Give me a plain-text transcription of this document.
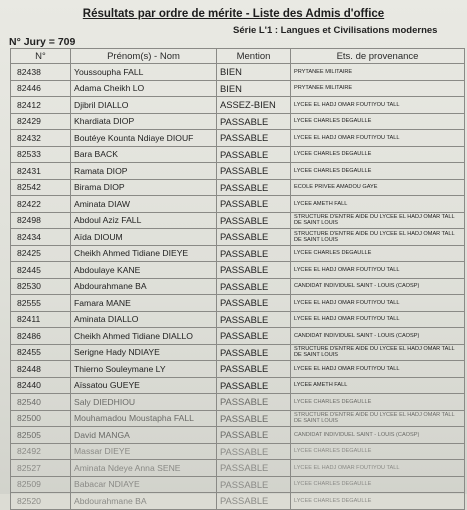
Résultats par ordre de mérite - Liste des Admis d'office
Série L'1 : Langues et Civilisations modernes
N° Jury = 709
N°	Prénom(s) - Nom	Mention	Ets. de provenance
82438	Youssoupha FALL	BIEN	PRYTANEE MILITAIRE
82446	Adama Cheikh LO	BIEN	PRYTANEE MILITAIRE
82412	Djibril DIALLO	ASSEZ-BIEN	LYCEE EL HADJ OMAR FOUTIYOU TALL
82429	Khardiata DIOP	PASSABLE	LYCEE CHARLES DEGAULLE
82432	Boutéye Kounta Ndiaye DIOUF	PASSABLE	LYCEE EL HADJ OMAR FOUTIYOU TALL
82533	Bara BACK	PASSABLE	LYCEE CHARLES DEGAULLE
82431	Ramata DIOP	PASSABLE	LYCEE CHARLES DEGAULLE
82542	Birama DIOP	PASSABLE	ECOLE PRIVEE AMADOU GAYE
82422	Aminata DIAW	PASSABLE	LYCEE AMETH FALL
82498	Abdoul Aziz FALL	PASSABLE	STRUCTURE D'ENTRE AIDE DU LYCEE EL HADJ OMAR TALL DE SAINT LOUIS
82434	Aïda DIOUM	PASSABLE	STRUCTURE D'ENTRE AIDE DU LYCEE EL HADJ OMAR TALL DE SAINT LOUIS
82425	Cheikh Ahmed Tidiane DIEYE	PASSABLE	LYCEE CHARLES DEGAULLE
82445	Abdoulaye KANE	PASSABLE	LYCEE EL HADJ OMAR FOUTIYOU TALL
82530	Abdourahmane BA	PASSABLE	CANDIDAT INDIVIDUEL SAINT - LOUIS (CAOSP)
82555	Famara MANE	PASSABLE	LYCEE EL HADJ OMAR FOUTIYOU TALL
82411	Aminata DIALLO	PASSABLE	LYCEE EL HADJ OMAR FOUTIYOU TALL
82486	Cheikh Ahmed Tidiane DIALLO	PASSABLE	CANDIDAT INDIVIDUEL SAINT - LOUIS (CAOSP)
82455	Serigne Hady NDIAYE	PASSABLE	STRUCTURE D'ENTRE AIDE DU LYCEE EL HADJ OMAR TALL DE SAINT LOUIS
82448	Thierno Souleymane LY	PASSABLE	LYCEE EL HADJ OMAR FOUTIYOU TALL
82440	Aïssatou GUEYE	PASSABLE	LYCEE AMETH FALL
82540	Saly DIEDHIOU	PASSABLE	LYCEE CHARLES DEGAULLE
82500	Mouhamadou Moustapha FALL	PASSABLE	STRUCTURE D'ENTRE AIDE DU LYCEE EL HADJ OMAR TALL DE SAINT LOUIS
82505	David MANGA	PASSABLE	CANDIDAT INDIVIDUEL SAINT - LOUIS (CAOSP)
82492	Massar DIEYE	PASSABLE	LYCEE CHARLES DEGAULLE
82527	Aminata Ndeye Anna SENE	PASSABLE	LYCEE EL HADJ OMAR FOUTIYOU TALL
82509	Babacar NDIAYE	PASSABLE	LYCEE CHARLES DEGAULLE
82520	Abdourahmane BA	PASSABLE	LYCEE CHARLES DEGAULLE
